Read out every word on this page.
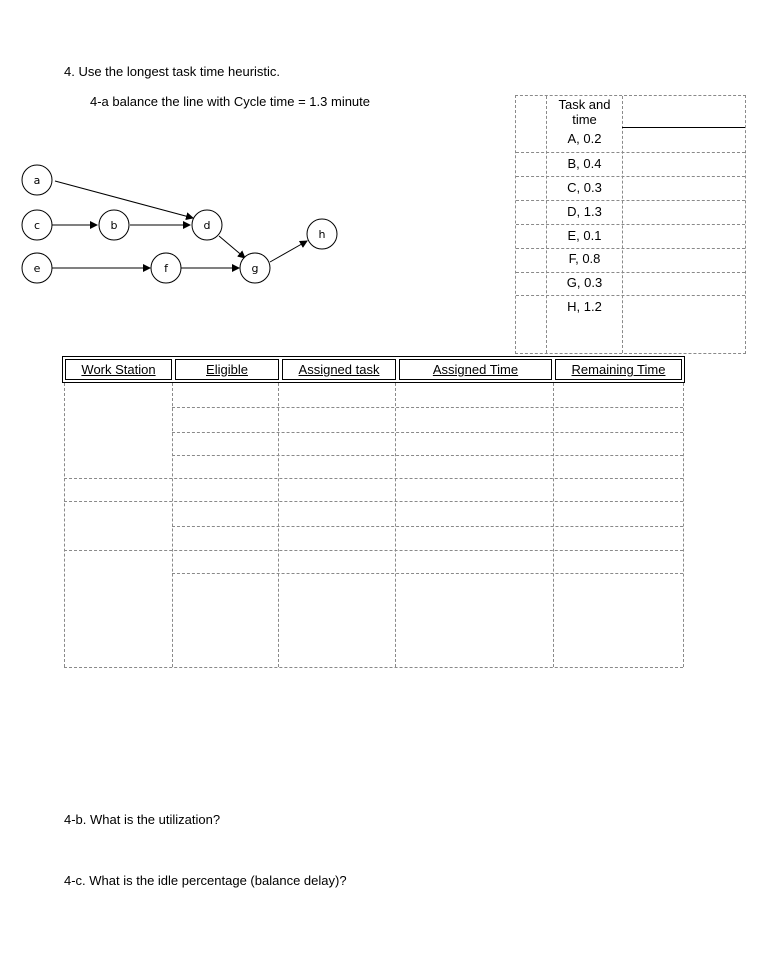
4. Use the longest task time heuristic.
4-a balance the line with Cycle time = 1.3 minute
a
c	b	d
e	f	g
h
Task and
time
A, 0.2
B, 0.4
C, 0.3
D, 1.3
E, 0.1
F, 0.8
G, 0.3
H, 1.2
Work Station	Eligible	Assigned task	Assigned Time	Remaining Time
4-b. What is the utilization?
4-c. What is the idle percentage (balance delay)?
